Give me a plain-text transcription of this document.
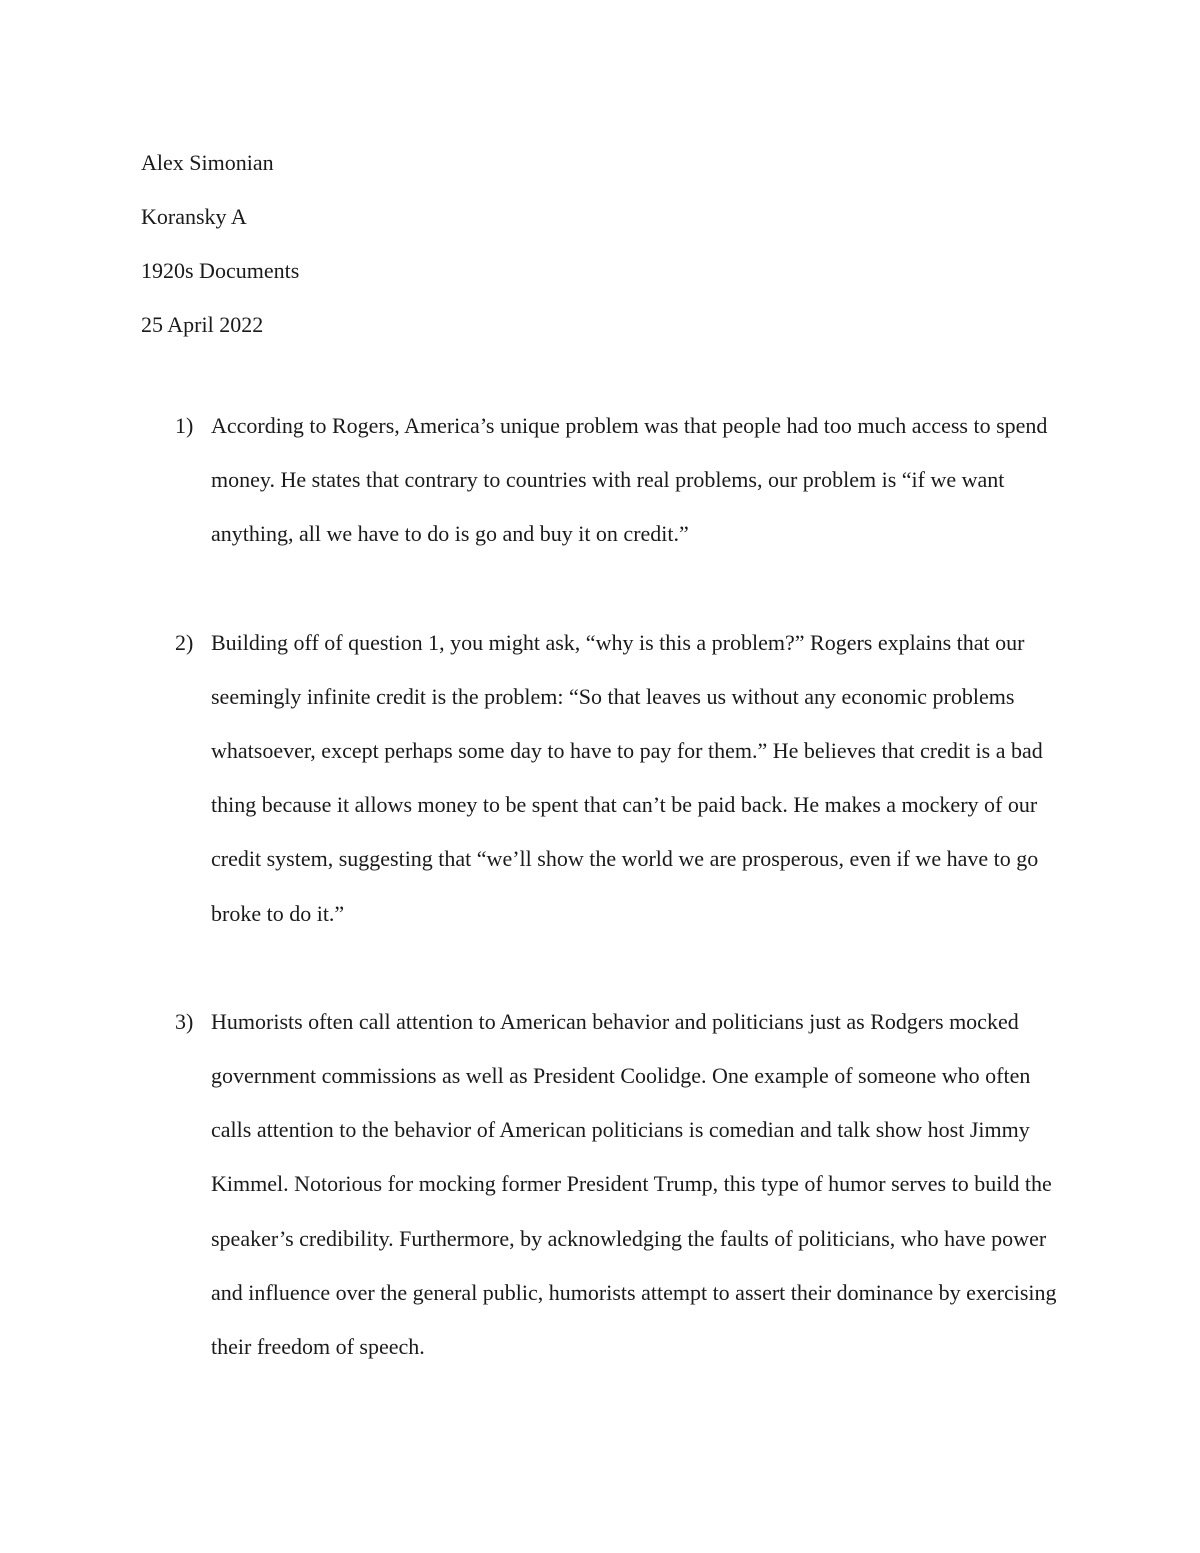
Alex Simonian
Koransky A
1920s Documents
25 April 2022
1) According to Rogers, America’s unique problem was that people had too much access to spend money. He states that contrary to countries with real problems, our problem is “if we want anything, all we have to do is go and buy it on credit.”
2) Building off of question 1, you might ask, “why is this a problem?” Rogers explains that our seemingly infinite credit is the problem: “So that leaves us without any economic problems whatsoever, except perhaps some day to have to pay for them.” He believes that credit is a bad thing because it allows money to be spent that can’t be paid back. He makes a mockery of our credit system, suggesting that “we’ll show the world we are prosperous, even if we have to go broke to do it.”
3) Humorists often call attention to American behavior and politicians just as Rodgers mocked government commissions as well as President Coolidge. One example of someone who often calls attention to the behavior of American politicians is comedian and talk show host Jimmy Kimmel. Notorious for mocking former President Trump, this type of humor serves to build the speaker’s credibility. Furthermore, by acknowledging the faults of politicians, who have power and influence over the general public, humorists attempt to assert their dominance by exercising their freedom of speech.
